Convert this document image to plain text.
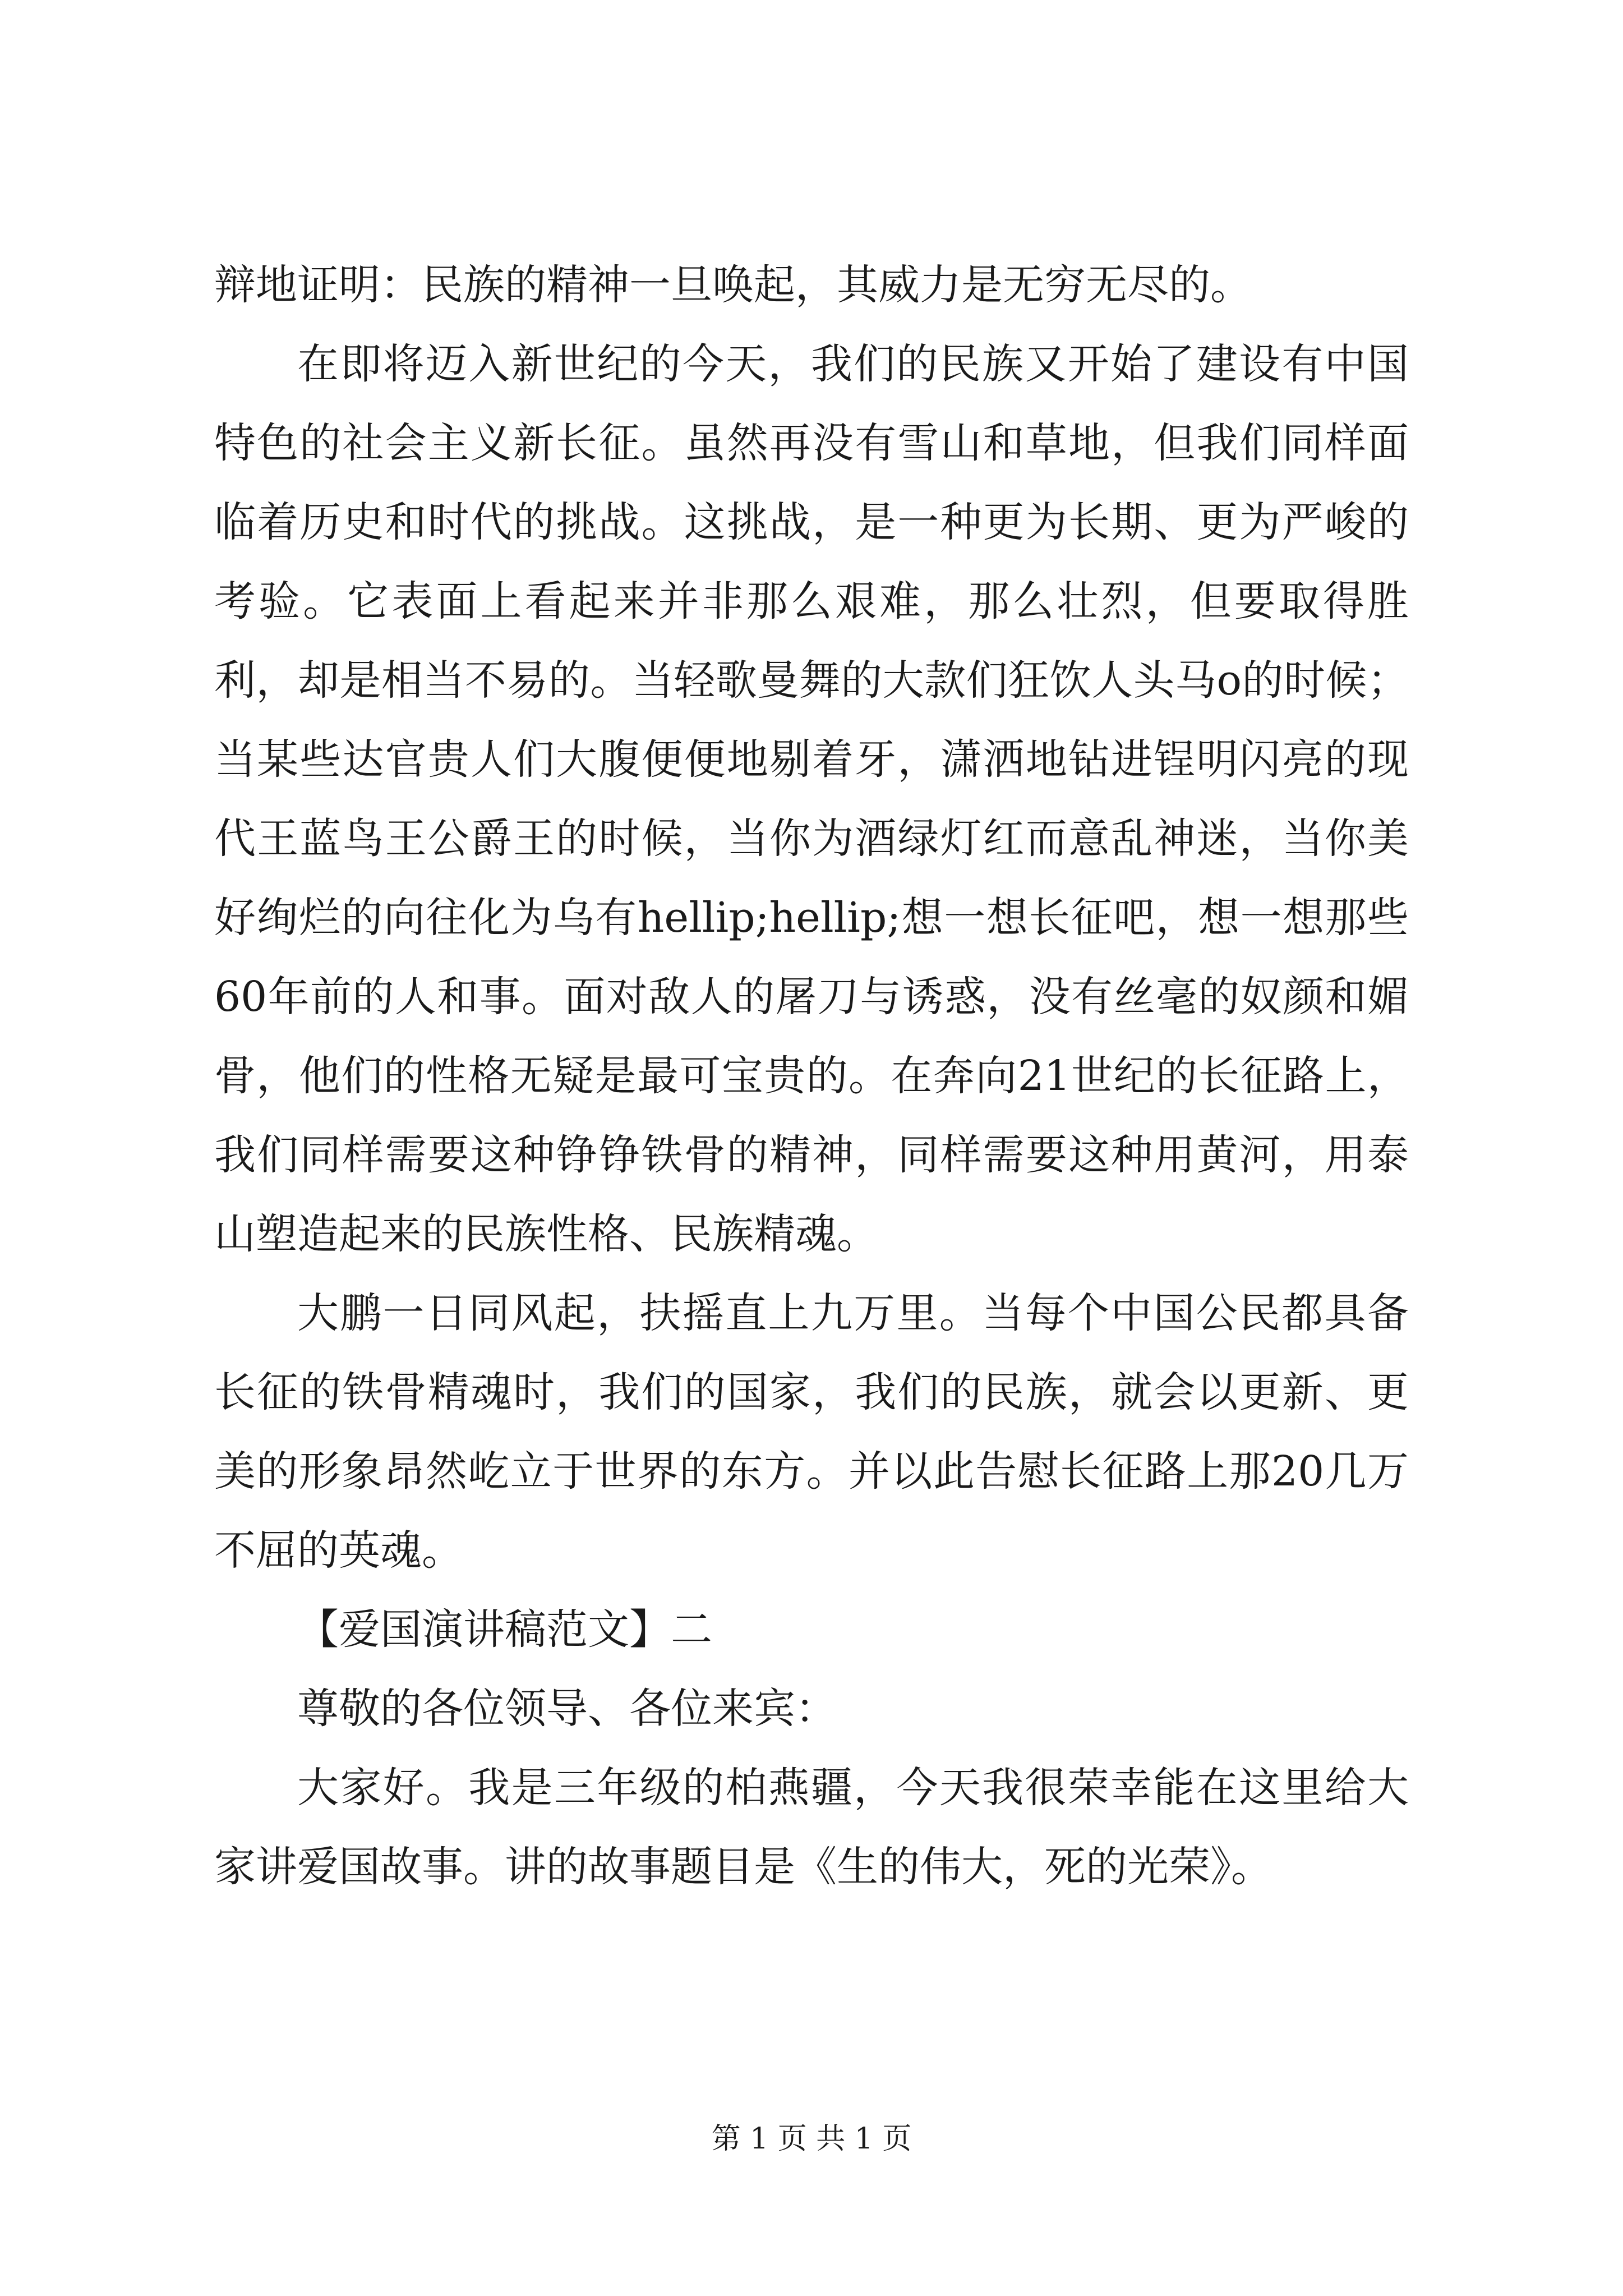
辩地证明：民族的精神一旦唤起，其威力是无穷无尽的。

在即将迈入新世纪的今天，我们的民族又开始了建设有中国特色的社会主义新长征。虽然再没有雪山和草地，但我们同样面临着历史和时代的挑战。这挑战，是一种更为长期、更为严峻的考验。它表面上看起来并非那么艰难，那么壮烈，但要取得胜利，却是相当不易的。当轻歌曼舞的大款们狂饮人头马o的时候；当某些达官贵人们大腹便便地剔着牙，潇洒地钻进锃明闪亮的现代王蓝鸟王公爵王的时候，当你为酒绿灯红而意乱神迷，当你美好绚烂的向往化为乌有hellip;hellip;想一想长征吧，想一想那些60年前的人和事。面对敌人的屠刀与诱惑，没有丝毫的奴颜和媚骨，他们的性格无疑是最可宝贵的。在奔向21世纪的长征路上，我们同样需要这种铮铮铁骨的精神，同样需要这种用黄河，用泰山塑造起来的民族性格、民族精魂。

大鹏一日同风起，扶摇直上九万里。当每个中国公民都具备长征的铁骨精魂时，我们的国家，我们的民族，就会以更新、更美的形象昂然屹立于世界的东方。并以此告慰长征路上那20几万不屈的英魂。

【爱国演讲稿范文】二

尊敬的各位领导、各位来宾：

大家好。我是三年级的柏燕疆，今天我很荣幸能在这里给大家讲爱国故事。讲的故事题目是《生的伟大，死的光荣》。

第 1 页 共 1 页
